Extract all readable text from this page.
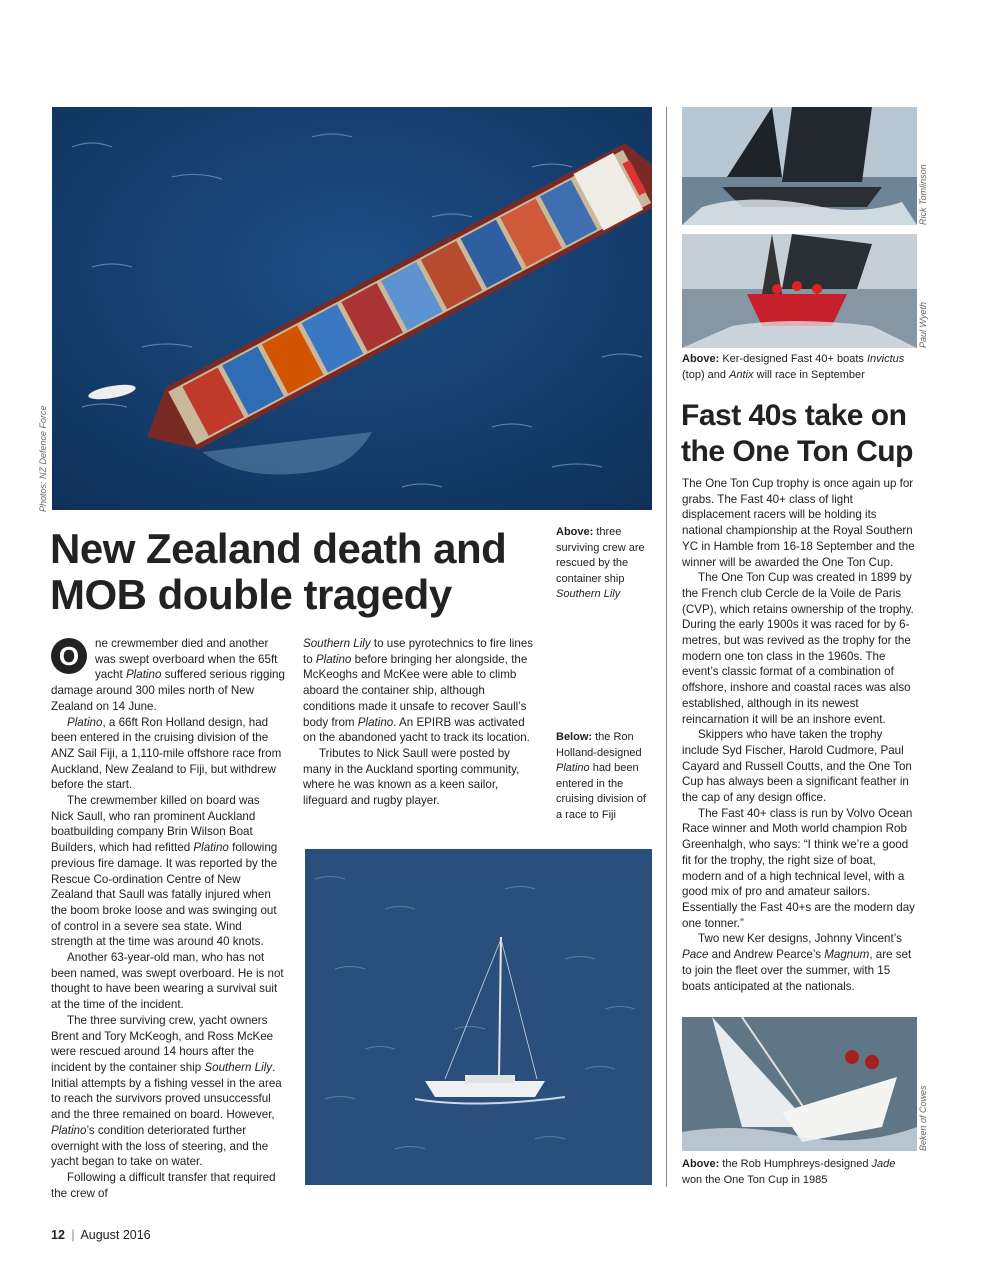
Photos: NZ Defence Force
New Zealand death and MOB double tragedy
Above: three surviving crew are rescued by the container ship Southern Lily

O	ne crewmember died and another was swept overboard when the 65ft yacht Platino suffered serious rigging damage around 300 miles north of New Zealand on 14 June.

Platino, a 66ft Ron Holland design, had been entered in the cruising division of the ANZ Sail Fiji, a 1,110-mile offshore race from Auckland, New Zealand to Fiji, but withdrew before the start.

The crewmember killed on board was Nick Saull, who ran prominent Auckland boatbuilding company Brin Wilson Boat Builders, which had refitted Platino following previous fire damage. It was reported by the Rescue Co-ordination Centre of New Zealand that Saull was fatally injured when the boom broke loose and was swinging out of control in a severe sea state. Wind strength at the time was around 40 knots.

Another 63-year-old man, who has not been named, was swept overboard. He is not thought to have been wearing a survival suit at the time of the incident.

The three surviving crew, yacht owners Brent and Tory McKeogh, and Ross McKee were rescued around 14 hours after the incident by the container ship Southern Lily. Initial attempts by a fishing vessel in the area to reach the survivors proved unsuccessful and the three remained on board. However, Platino’s condition deteriorated further overnight with the loss of steering, and the yacht began to take on water.

Following a difficult transfer that required the crew of

Southern Lily to use pyrotechnics to fire lines to Platino before bringing her alongside, the McKeoghs and McKee were able to climb aboard the container ship, although conditions made it unsafe to recover Saull’s body from Platino. An EPIRB was activated on the abandoned yacht to track its location.

Tributes to Nick Saull were posted by many in the Auckland sporting community, where he was known as a keen sailor, lifeguard and rugby player.

Below: the Ron Holland-designed Platino had been entered in the cruising division of a race to Fiji
Rick Tomlinson
Paul Wyeth
Above: Ker-designed Fast 40+ boats Invictus (top) and Antix will race in September
Fast 40s take on the One Ton Cup

The One Ton Cup trophy is once again up for grabs. The Fast 40+ class of light displacement racers will be holding its national championship at the Royal Southern YC in Hamble from 16-18 September and the winner will be awarded the One Ton Cup.

The One Ton Cup was created in 1899 by the French club Cercle de la Voile de Paris (CVP), which retains ownership of the trophy. During the early 1900s it was raced for by 6-metres, but was revived as the trophy for the modern one ton class in the 1960s. The event’s classic format of a combination of offshore, inshore and coastal races was also established, although in its newest reincarnation it will be an inshore event.

Skippers who have taken the trophy include Syd Fischer, Harold Cudmore, Paul Cayard and Russell Coutts, and the One Ton Cup has always been a significant feather in the cap of any design office.

The Fast 40+ class is run by Volvo Ocean Race winner and Moth world champion Rob Greenhalgh, who says: “I think we’re a good fit for the trophy, the right size of boat, modern and of a high technical level, with a good mix of pro and amateur sailors. Essentially the Fast 40+s are the modern day one tonner.”

Two new Ker designs, Johnny Vincent’s Pace and Andrew Pearce’s Magnum, are set to join the fleet over the summer, with 15 boats anticipated at the nationals.

Beken of Cowes
Above: the Rob Humphreys-designed Jade won the One Ton Cup in 1985
12 | August 2016
